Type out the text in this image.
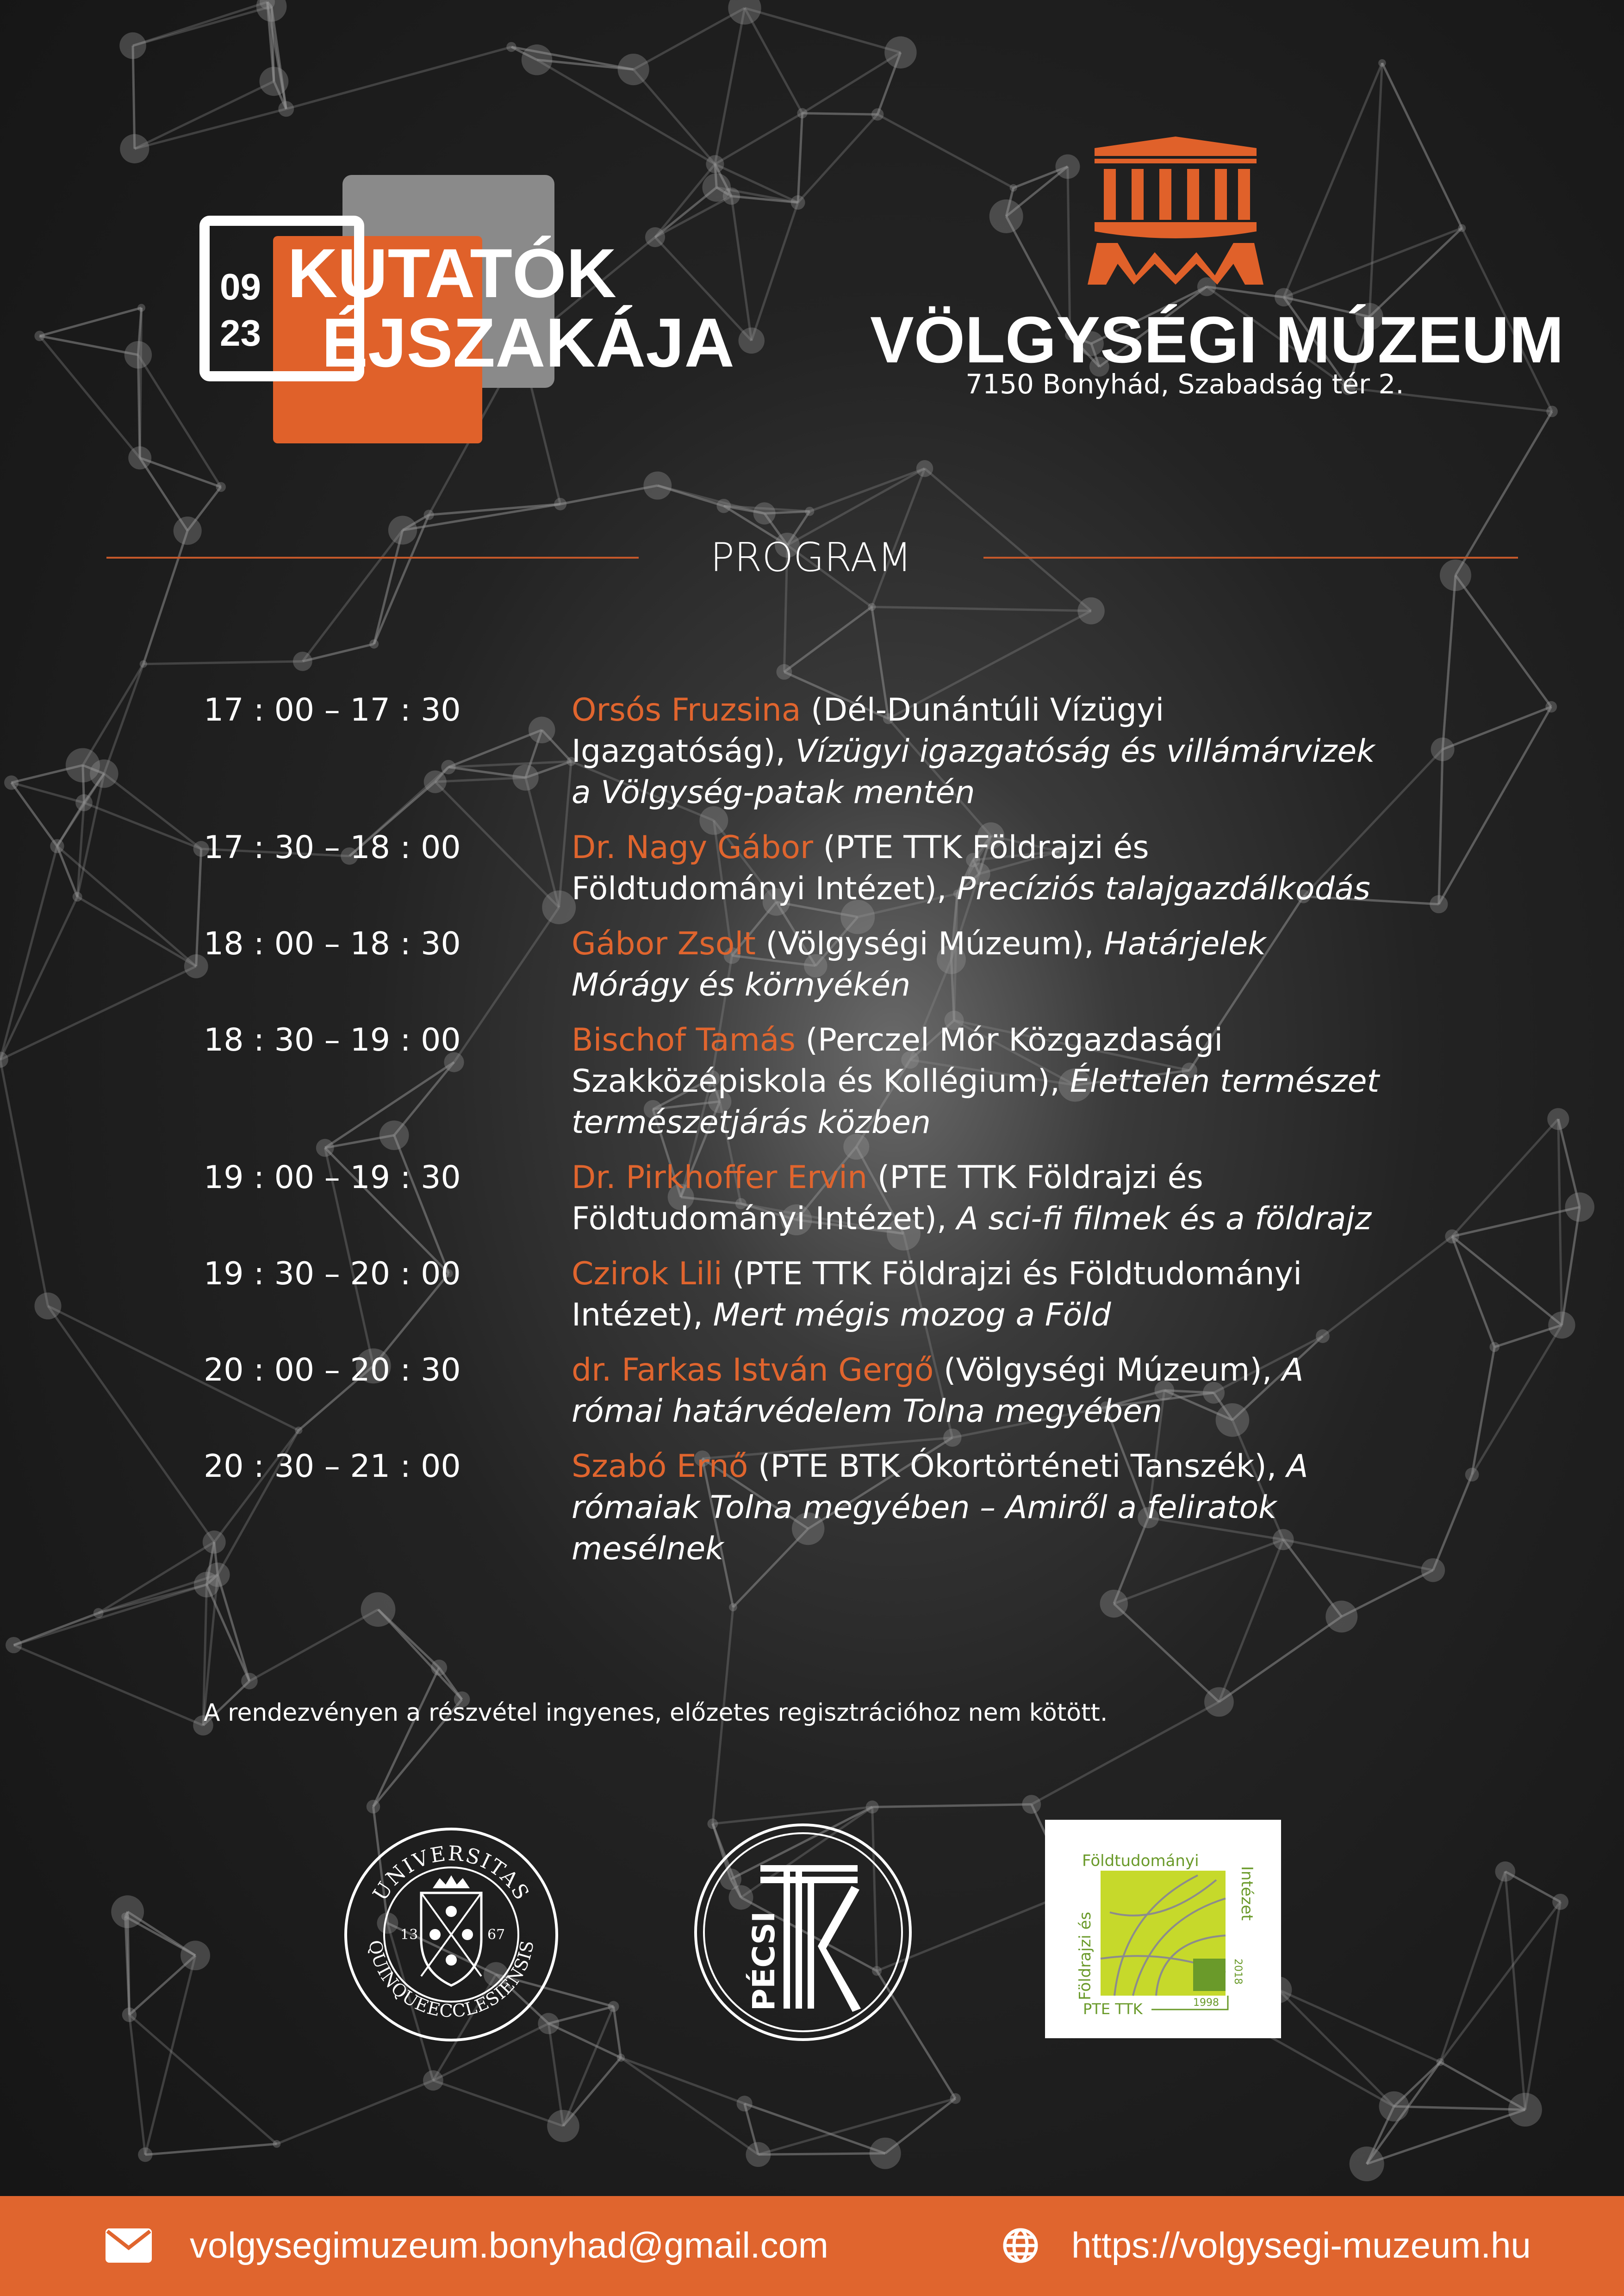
09
23
KUTATÓK
ÉJSZAKÁJA VÖLGYSÉGI MÚZEUM
7150 Bonyhád, Szabadság tér 2.
PROGRAM
17 : 00 – 17 : 30	Orsós Fruzsina (Dél-Dunántúli Vízügyi Igazgatóság), Vízügyi igazgatóság és villámárvizek a Völgység-patak mentén
17 : 30 – 18 : 00	Dr. Nagy Gábor (PTE TTK Földrajzi és Földtudományi Intézet), Precíziós talajgazdálkodás
18 : 00 – 18 : 30	Gábor Zsolt (Völgységi Múzeum), Határjelek Mórágy és környékén
18 : 30 – 19 : 00	Bischof Tamás (Perczel Mór Közgazdasági Szakközépiskola és Kollégium), Élettelen természet természetjárás közben
19 : 00 – 19 : 30	Dr. Pirkhoffer Ervin (PTE TTK Földrajzi és Földtudományi Intézet), A sci-fi filmek és a földrajz
19 : 30 – 20 : 00	Czirok Lili (PTE TTK Földrajzi és Földtudományi Intézet), Mert mégis mozog a Föld
20 : 00 – 20 : 30	dr. Farkas István Gergő (Völgységi Múzeum), A római határvédelem Tolna megyében
20 : 30 – 21 : 00	Szabó Ernő (PTE BTK Ókortörténeti Tanszék), A rómaiak Tolna megyében – Amiről a feliratok mesélnek
A rendezvényen a részvétel ingyenes, előzetes regisztrációhoz nem kötött.
UNIVERSITAS
QUINQUEECCLESIENSIS
13	67	PÉCSI
Földtudományi
Intézet
Földrajzi és	2018
1998
PTE TTK
volgysegimuzeum.bonyhad@gmail.com	https://volgysegi-muzeum.hu
